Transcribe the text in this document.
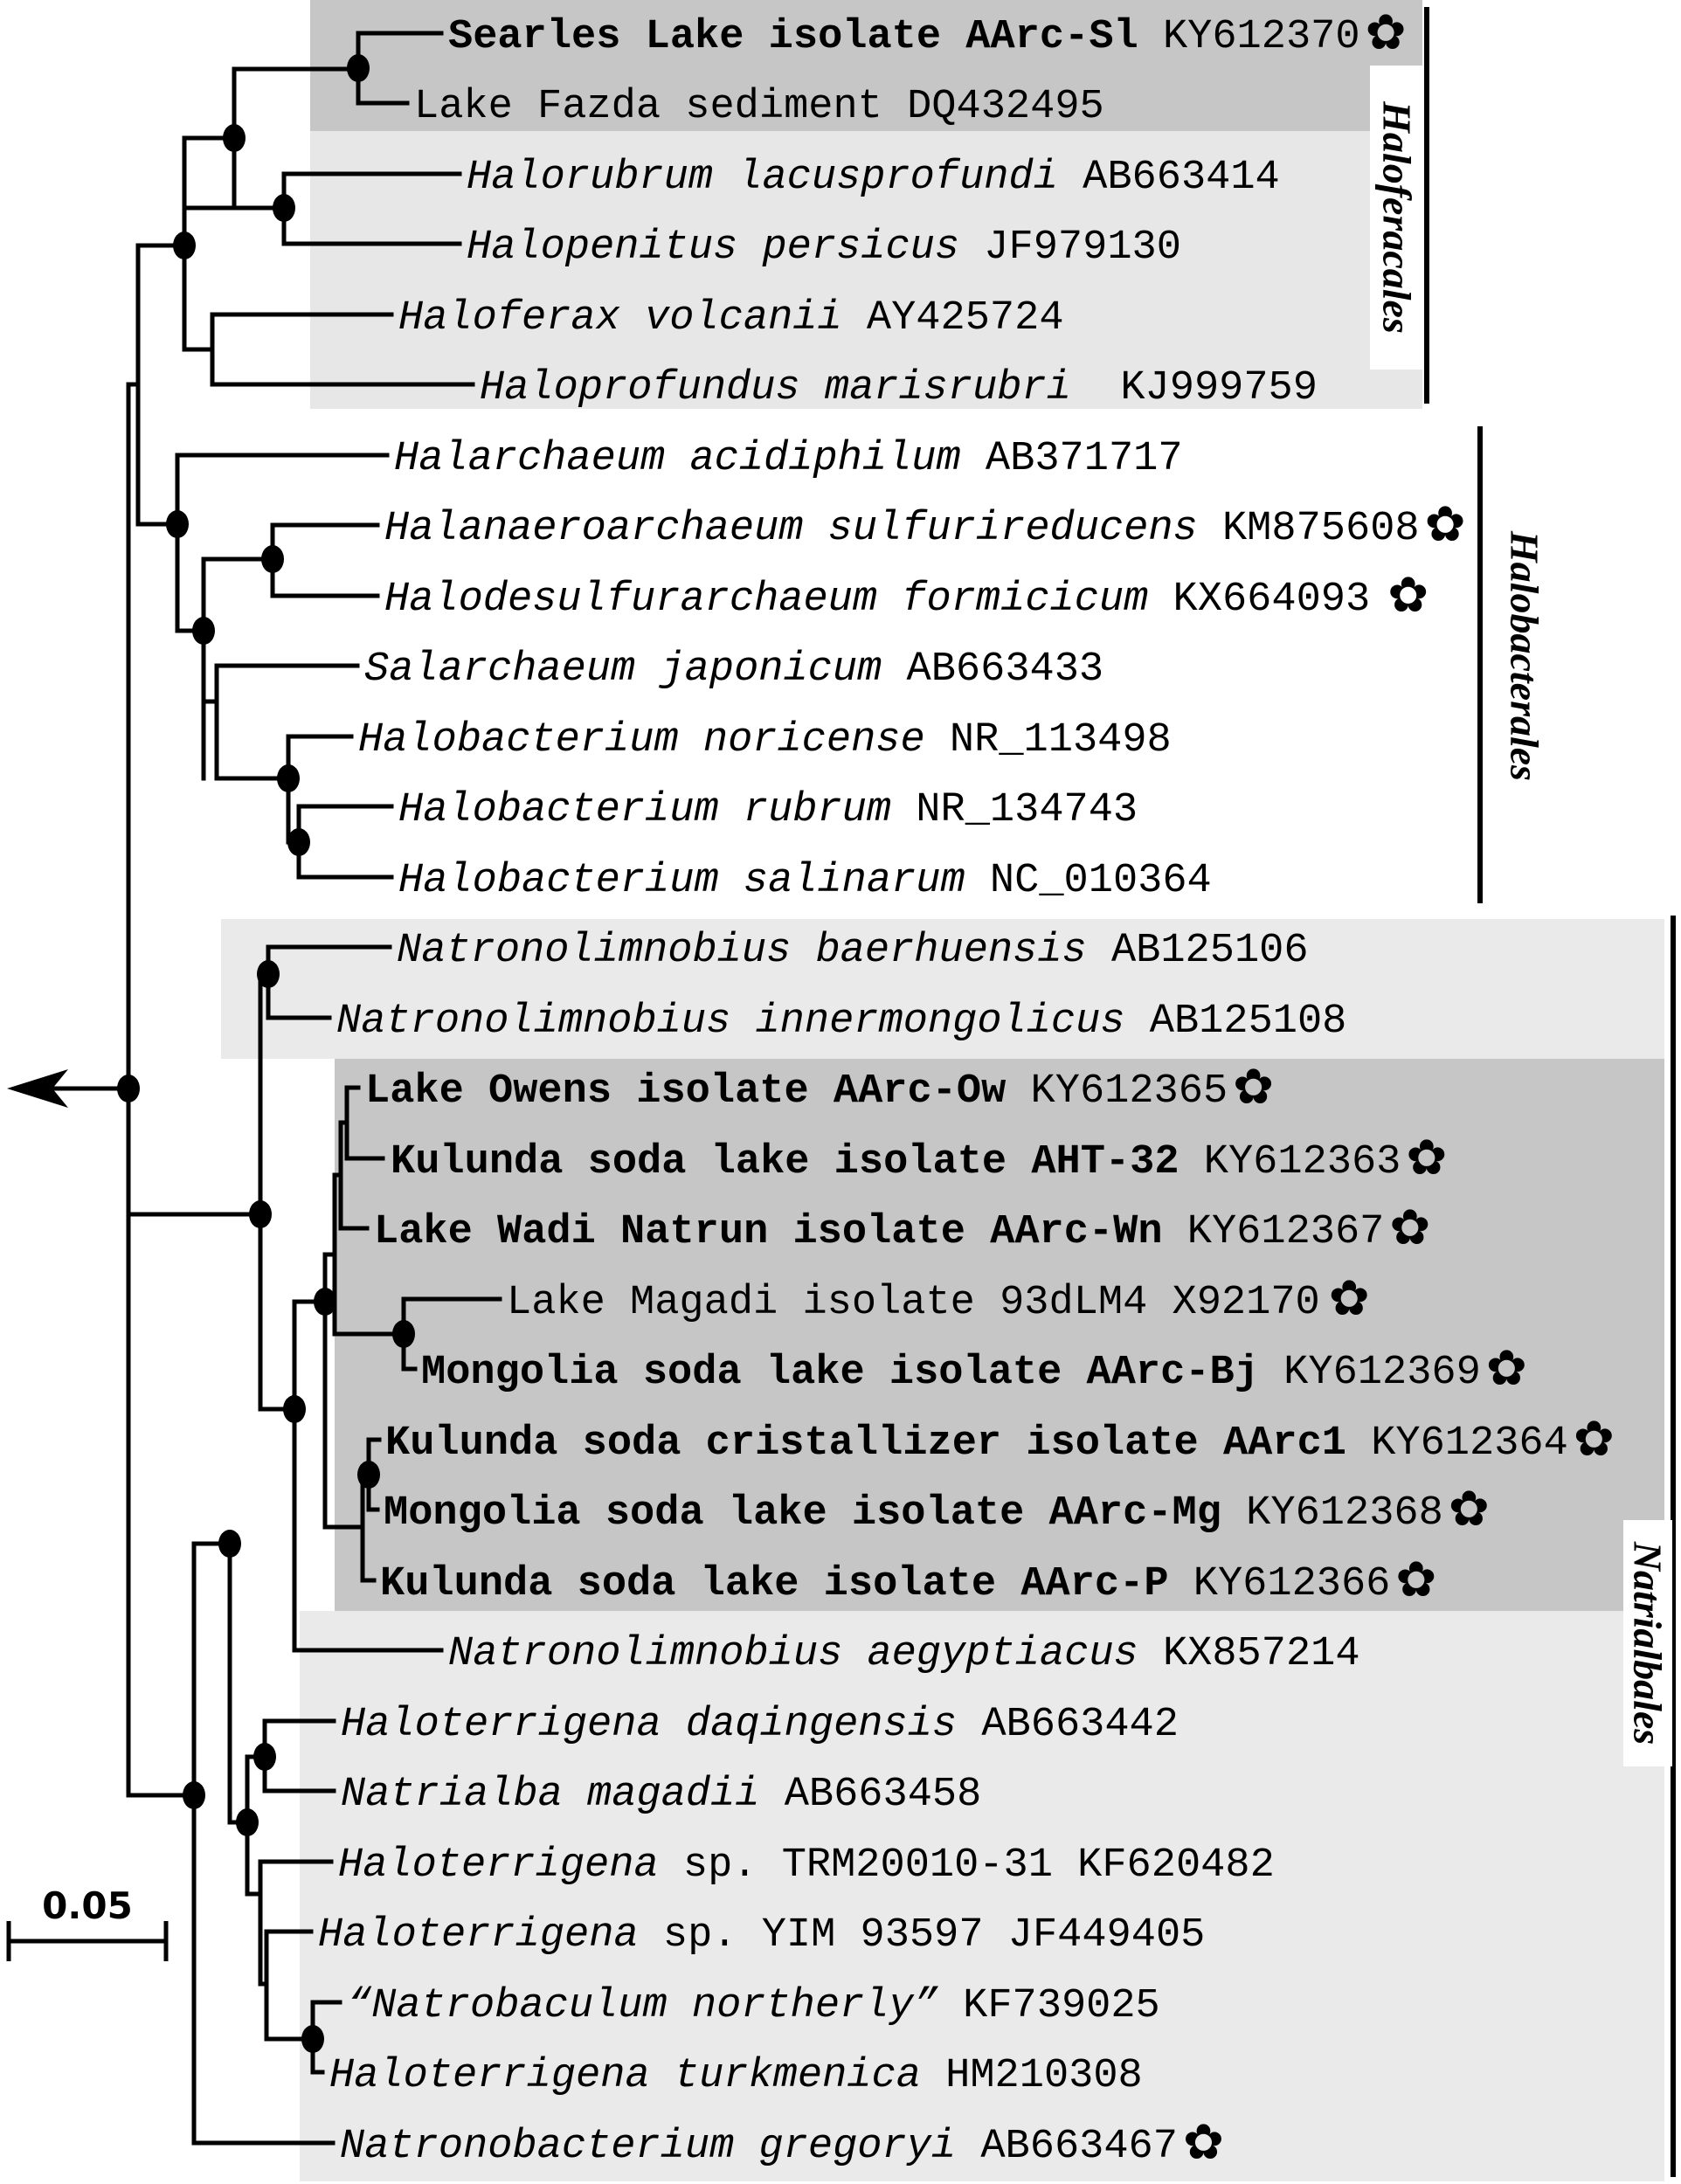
Haloferacales
Halobacterales
Natrialbales
0.05
Searles Lake isolate AArc-Sl KY612370 ✿
Lake Fazda sediment DQ432495
Halorubrum lacusprofundi AB663414
Halopenitus persicus JF979130
Haloferax volcanii AY425724
Haloprofundus marisrubri  KJ999759
Halarchaeum acidiphilum AB371717
Halanaeroarchaeum sulfurireducens KM875608 ✿
Halodesulfurarchaeum formicicum KX664093 ✿
Salarchaeum japonicum AB663433
Halobacterium noricense NR_113498
Halobacterium rubrum NR_134743
Halobacterium salinarum NC_010364
Natronolimnobius baerhuensis AB125106
Natronolimnobius innermongolicus AB125108
Lake Owens isolate AArc-Ow KY612365 ✿
Kulunda soda lake isolate AHT-32 KY612363 ✿
Lake Wadi Natrun isolate AArc-Wn KY612367 ✿
Lake Magadi isolate 93dLM4 X92170 ✿
Mongolia soda lake isolate AArc-Bj KY612369 ✿
Kulunda soda cristallizer isolate AArc1 KY612364 ✿
Mongolia soda lake isolate AArc-Mg KY612368 ✿
Kulunda soda lake isolate AArc-P KY612366 ✿
Natronolimnobius aegyptiacus KX857214
Haloterrigena daqingensis AB663442
Natrialba magadii AB663458
Haloterrigena sp. TRM20010-31 KF620482
Haloterrigena sp. YIM 93597 JF449405
“Natrobaculum northerly” KF739025
Haloterrigena turkmenica HM210308
Natronobacterium gregoryi AB663467 ✿
